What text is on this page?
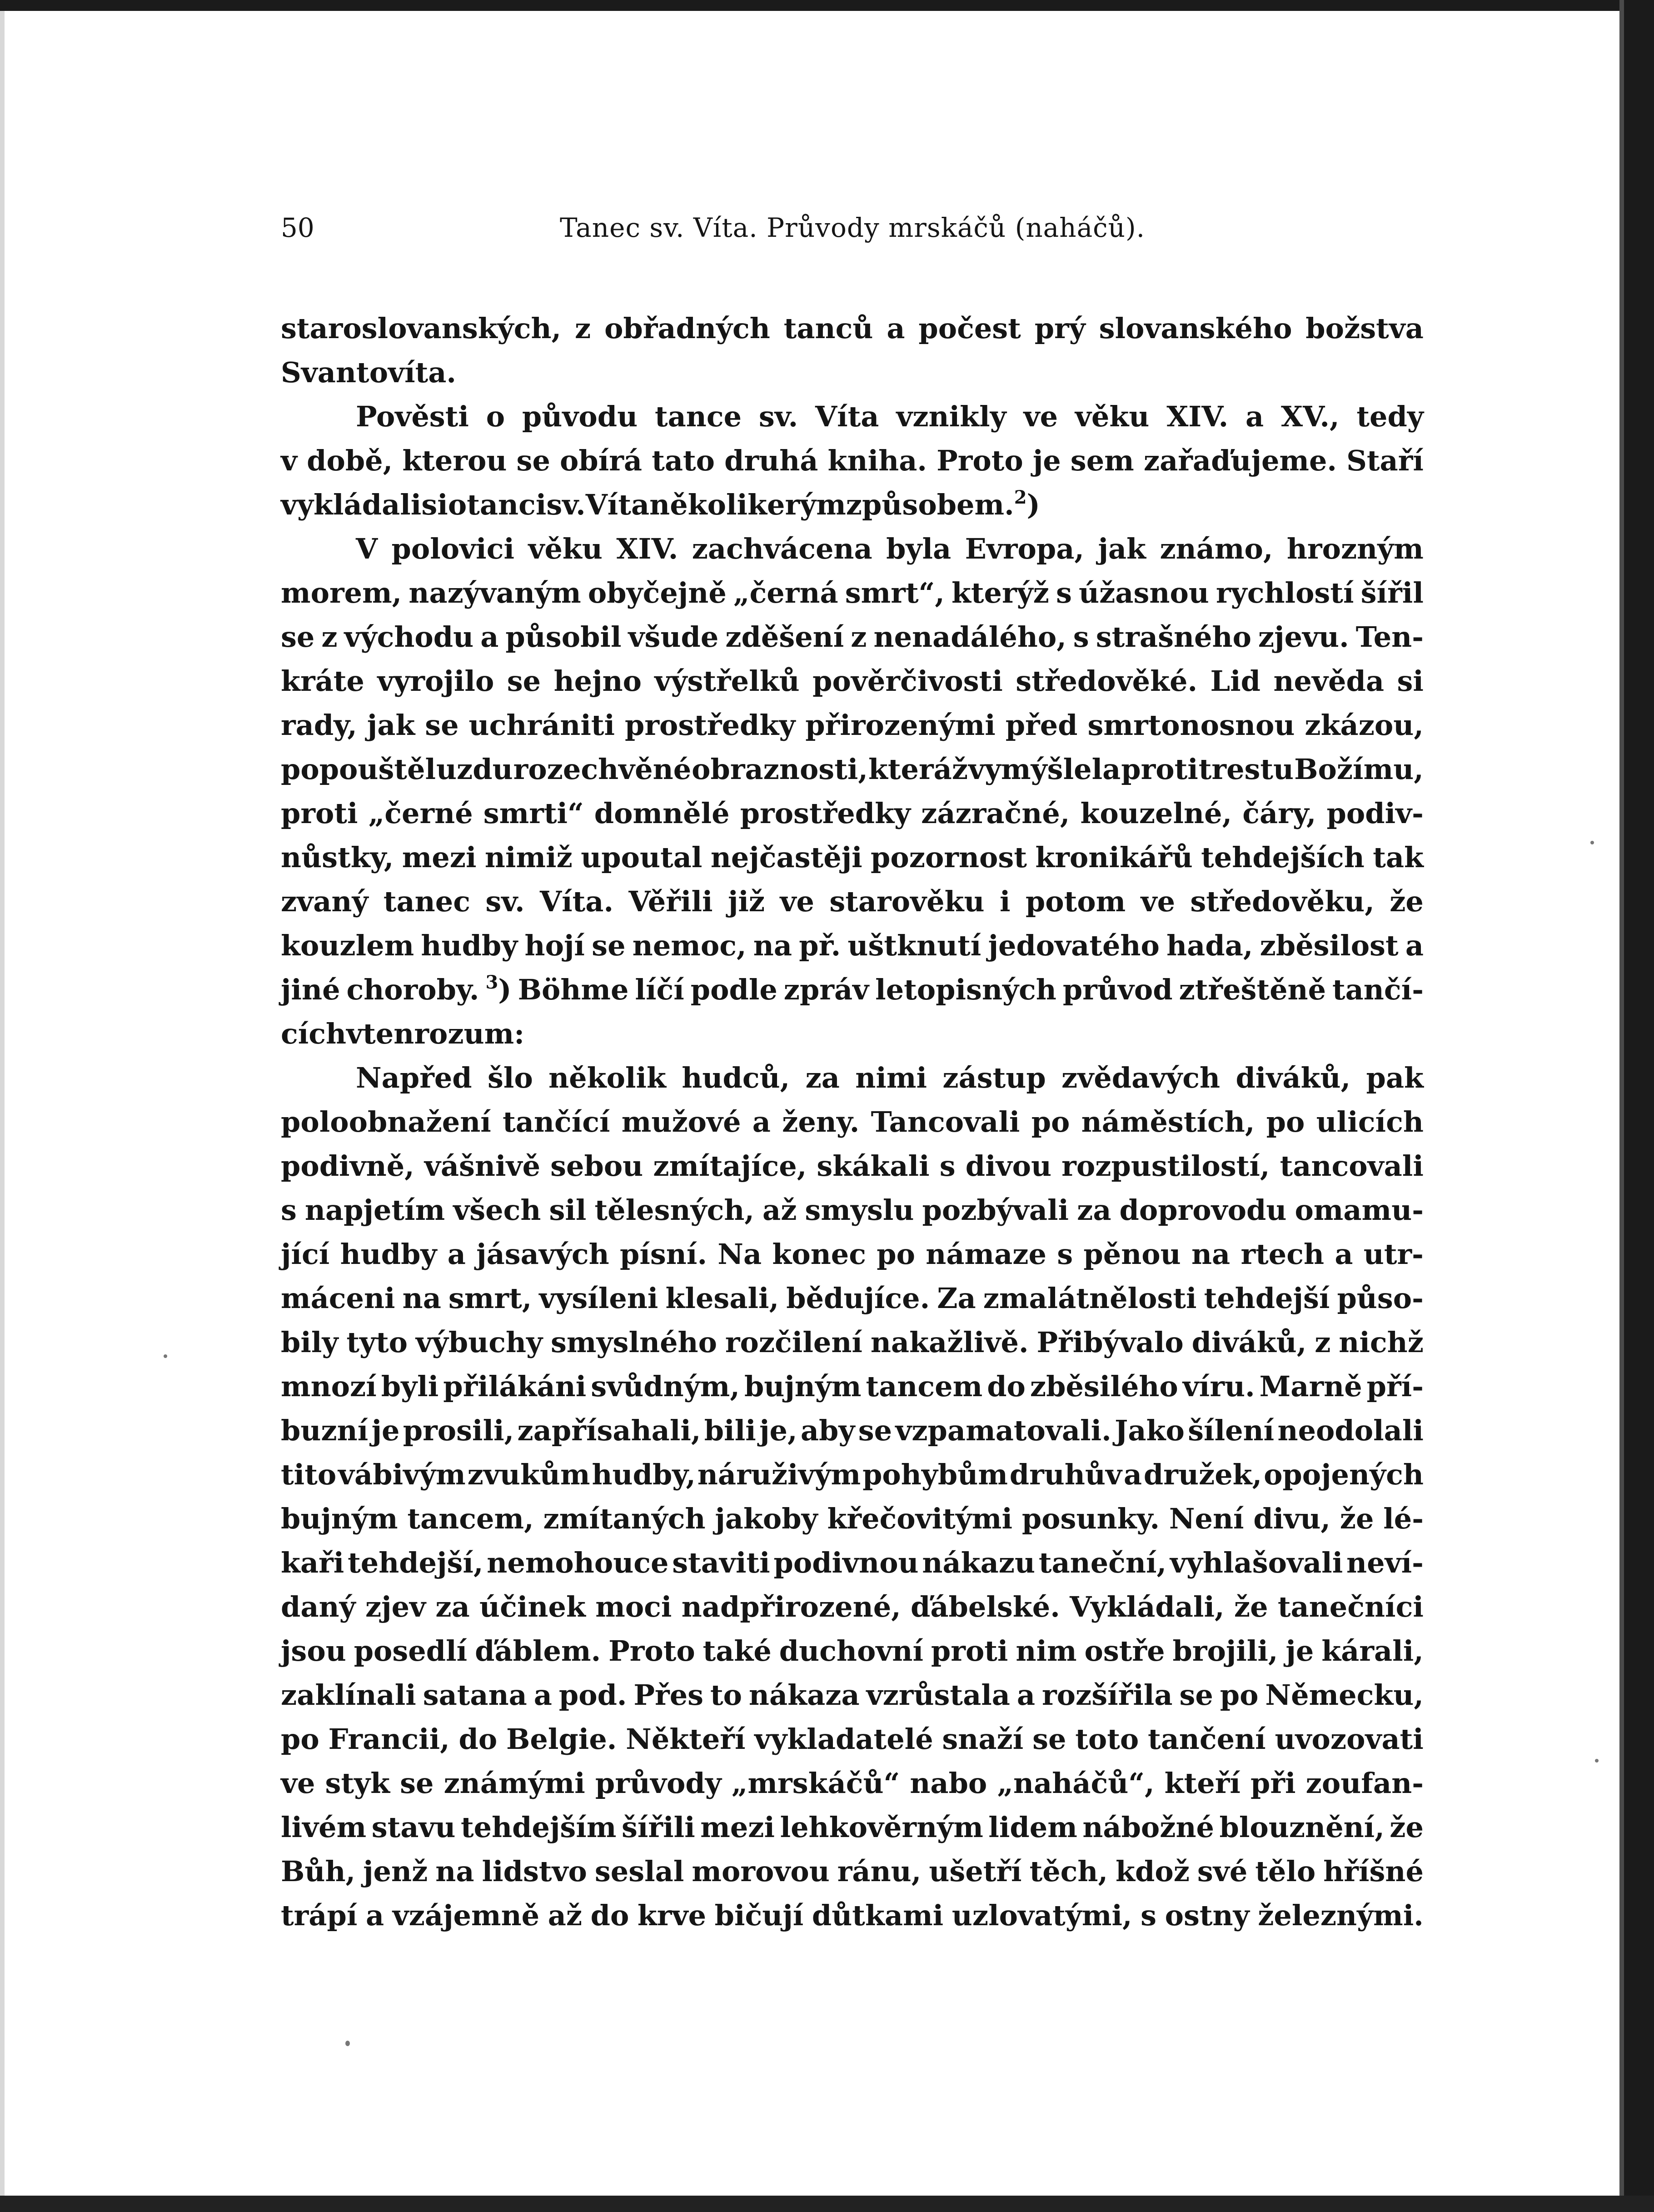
50	Tanec sv. Víta. Průvody mrskáčů (naháčů).
staroslovanských, z obřadných tanců a počest prý slovanského božstva
Svantovíta.
Pověsti o původu tance sv. Víta vznikly ve věku XIV. a XV., tedy
v době, kterou se obírá tato druhá kniha. Proto je sem zařaďujeme. Staří
vykládali si o tanci sv. Víta několikerým způsobem. $^2$)
V polovici věku XIV. zachvácena byla Evropa, jak známo, hrozným
morem, nazývaným obyčejně „černá smrt“, kterýž s úžasnou rychlostí šířil
se z východu a působil všude zděšení z nenadálého, s strašného zjevu. Ten-
kráte vyrojilo se hejno výstřelků pověrčivosti středověké. Lid nevěda si
rady, jak se uchrániti prostředky přirozenými před smrtonosnou zkázou,
popouštěl uzdu rozechvěné obraznosti, kteráž vymýšlela proti trestu Božímu,
proti „černé smrti“ domnělé prostředky zázračné, kouzelné, čáry, podiv-
nůstky, mezi nimiž upoutal nejčastěji pozornost kronikářů tehdejších tak
zvaný tanec sv. Víta. Věřili již ve starověku i potom ve středověku, že
kouzlem hudby hojí se nemoc, na př. uštknutí jedovatého hada, zběsilost a
jiné choroby. $^3$) Böhme líčí podle zpráv letopisných průvod ztřeštěně tančí-
cích v ten rozum:
Napřed šlo několik hudců, za nimi zástup zvědavých diváků, pak
poloobnažení tančící mužové a ženy. Tancovali po náměstích, po ulicích
podivně, vášnivě sebou zmítajíce, skákali s divou rozpustilostí, tancovali
s napjetím všech sil tělesných, až smyslu pozbývali za doprovodu omamu-
jící hudby a jásavých písní. Na konec po námaze s pěnou na rtech a utr-
máceni na smrt, vysíleni klesali, bědujíce. Za zmalátnělosti tehdejší půso-
bily tyto výbuchy smyslného rozčilení nakažlivě. Přibývalo diváků, z nichž
mnozí byli přilákáni svůdným, bujným tancem do zběsilého víru. Marně pří-
buzní je prosili, zapřísahali, bili je, aby se vzpamatovali. Jako šílení neodolali
tito vábivým zvukům hudby, náruživým pohybům druhův a družek, opojených
bujným tancem, zmítaných jakoby křečovitými posunky. Není divu, že lé-
kaři tehdejší, nemohouce staviti podivnou nákazu taneční, vyhlašovali neví-
daný zjev za účinek moci nadpřirozené, ďábelské. Vykládali, že tanečníci
jsou posedlí ďáblem. Proto také duchovní proti nim ostře brojili, je kárali,
zaklínali satana a pod. Přes to nákaza vzrůstala a rozšířila se po Německu,
po Francii, do Belgie. Někteří vykladatelé snaží se toto tančení uvozovati
ve styk se známými průvody „mrskáčů“ nabo „naháčů“, kteří při zoufan-
livém stavu tehdejším šířili mezi lehkověrným lidem nábožné blouznění, že
Bůh, jenž na lidstvo seslal morovou ránu, ušetří těch, kdož své tělo hříšné
trápí a vzájemně až do krve bičují důtkami uzlovatými, s ostny železnými.
